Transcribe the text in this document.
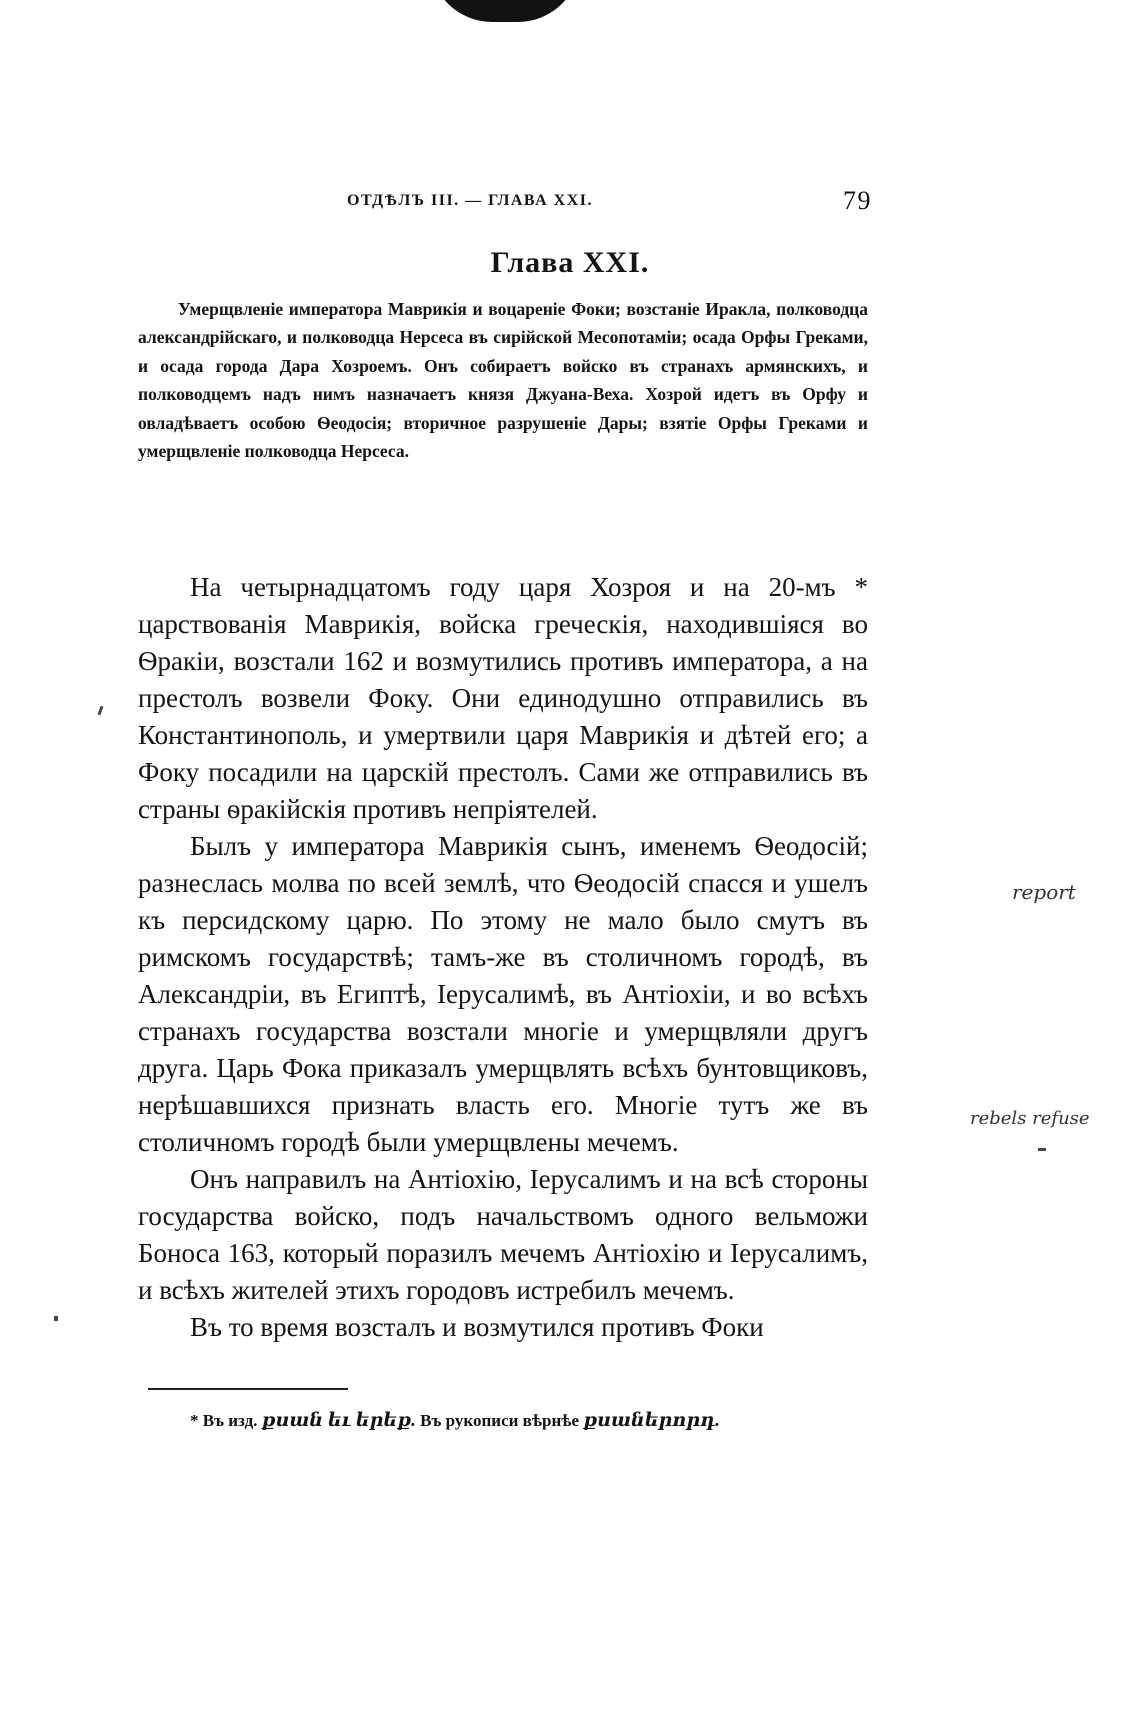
ОТДѢЛЪ III. — ГЛАВА XXI.	79
Глава XXI.

Умерщвленіе императора Маврикія и воцареніе Фоки; возстаніе Иракла, полководца александрійскаго, и полководца Нерсеса въ сирійской Месопотаміи; осада Орфы Греками, и осада города Дара Хозроемъ. Онъ собираетъ войско въ странахъ армянскихъ, и полководцемъ надъ нимъ назначаетъ князя Джуана-Веха. Хозрой идетъ въ Орфу и овладѣваетъ особою Ѳеодосія; вторичное разрушеніе Дары; взятіе Орфы Греками и умерщвленіе полководца Нерсеса.

На четырнадцатомъ году царя Хозроя и на 20-мъ * царствованія Маврикія, войска греческія, находившіяся во Ѳракіи, возстали 162 и возмутились противъ императора, а на престолъ возвели Фоку. Они единодушно отправились въ Константинополь, и умертвили царя Маврикія и дѣтей его; а Фоку посадили на царскій престолъ. Сами же отправились въ страны ѳракійскія противъ непріятелей.

Былъ у императора Маврикія сынъ, именемъ Ѳеодосій; разнеслась молва по всей землѣ, что Ѳеодосій спасся и ушелъ къ персидскому царю. По этому не мало было смутъ въ римскомъ государствѣ; тамъ-же въ столичномъ городѣ, въ Александріи, въ Египтѣ, Іерусалимѣ, въ Антіохіи, и во всѣхъ странахъ государства возстали многіе и умерщвляли другъ друга. Царь Фока приказалъ умерщвлять всѣхъ бунтовщиковъ, нерѣшавшихся признать власть его. Многіе тутъ же въ столичномъ городѣ были умерщвлены мечемъ.

Онъ направилъ на Антіохію, Іерусалимъ и на всѣ стороны государства войско, подъ начальствомъ одного вельможи Боноса 163, который поразилъ мечемъ Антіохію и Іерусалимъ, и всѣхъ жителей этихъ городовъ истребилъ мечемъ.

Въ то время возсталъ и возмутился противъ Фоки

* Въ изд. քսան եւ երեք. Въ рукописи вѣрнѣе քսաներորդ.
report
rebels refuse
